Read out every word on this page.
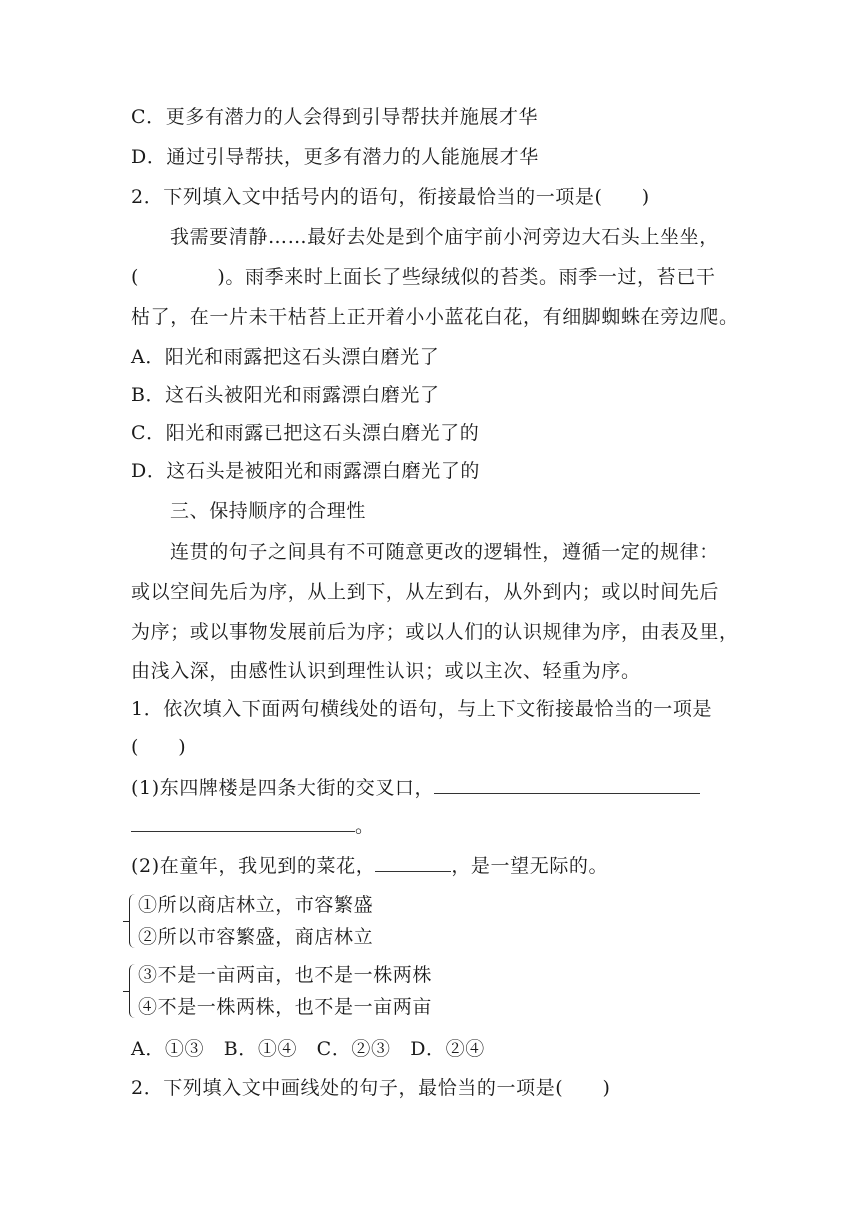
C．更多有潜力的人会得到引导帮扶并施展才华
D．通过引导帮扶，更多有潜力的人能施展才华
2．下列填入文中括号内的语句，衔接最恰当的一项是(　　)
我需要清静……最好去处是到个庙宇前小河旁边大石头上坐坐，
(　　　　)。雨季来时上面长了些绿绒似的苔类。雨季一过，苔已干
枯了，在一片未干枯苔上正开着小小蓝花白花，有细脚蜘蛛在旁边爬。
A．阳光和雨露把这石头漂白磨光了
B．这石头被阳光和雨露漂白磨光了
C．阳光和雨露已把这石头漂白磨光了的
D．这石头是被阳光和雨露漂白磨光了的
三、保持顺序的合理性
连贯的句子之间具有不可随意更改的逻辑性，遵循一定的规律：
或以空间先后为序，从上到下，从左到右，从外到内；或以时间先后
为序；或以事物发展前后为序；或以人们的认识规律为序，由表及里，
由浅入深，由感性认识到理性认识；或以主次、轻重为序。
1．依次填入下面两句横线处的语句，与上下文衔接最恰当的一项是
(　　)
(1)东四牌楼是四条大街的交叉口，
。
(2)在童年，我见到的菜花，	，是一望无际的。
①所以商店林立，市容繁盛
②所以市容繁盛，商店林立
③不是一亩两亩，也不是一株两株
④不是一株两株，也不是一亩两亩
A．①③　B．①④　C．②③　D．②④
2．下列填入文中画线处的句子，最恰当的一项是(　　)
